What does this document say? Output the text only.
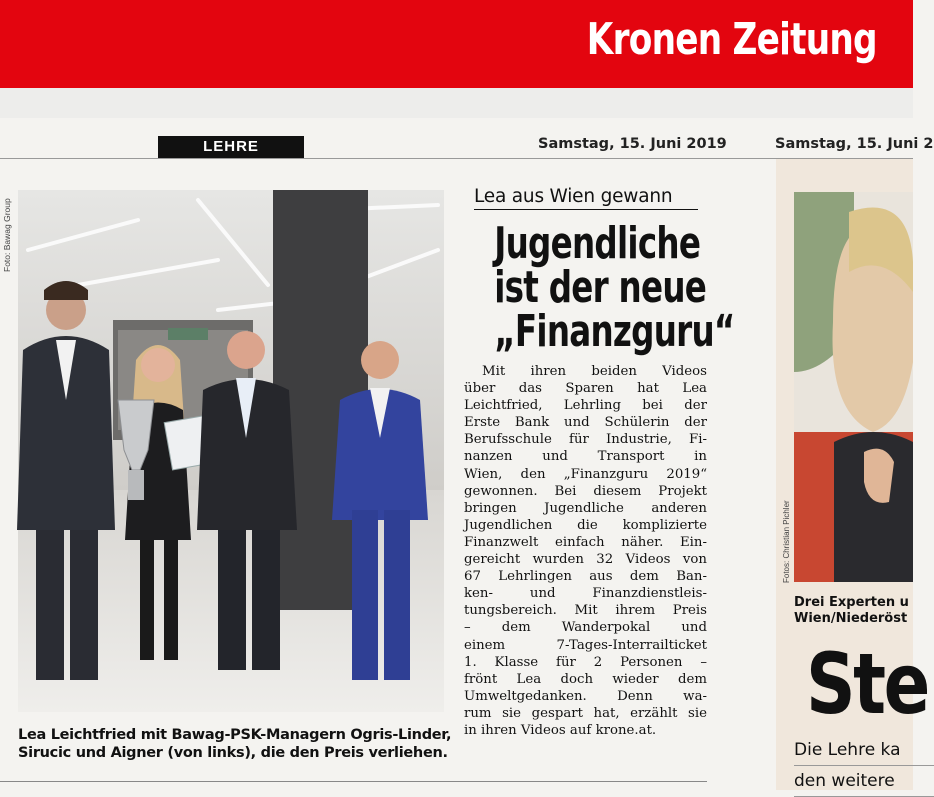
Kronen Zeitung
LEHRE	Samstag, 15. Juni 2019	Samstag, 15. Juni 2
Foto: Bawag Group
Lea Leichtfried mit Bawag-PSK-Managern Ogris-Linder,
Sirucic und Aigner (von links), die den Preis verliehen.
Lea aus Wien gewann
Jugendliche
ist der neue
„Finanzguru“
Mit ihren beiden Videos
über das Sparen hat Lea
Leichtfried, Lehrling bei der
Erste Bank und Schülerin der
Berufsschule für Industrie, Fi-
nanzen und Transport in
Wien, den „Finanzguru 2019“
gewonnen. Bei diesem Projekt
bringen Jugendliche anderen
Jugendlichen die komplizierte
Finanzwelt einfach näher. Ein-
gereicht wurden 32 Videos von
67 Lehrlingen aus dem Ban-
ken- und Finanzdienstleis-
tungsbereich. Mit ihrem Preis
– dem Wanderpokal und
einem 7-Tages-Interrailticket
1. Klasse für 2 Personen –
frönt Lea doch wieder dem
Umweltgedanken. Denn wa-
rum sie gespart hat, erzählt sie
in ihren Videos auf krone.at.
Fotos: Christian Pichler
Drei Experten u
Wien/Niederöst
Ste
Die Lehre ka
den weitere
